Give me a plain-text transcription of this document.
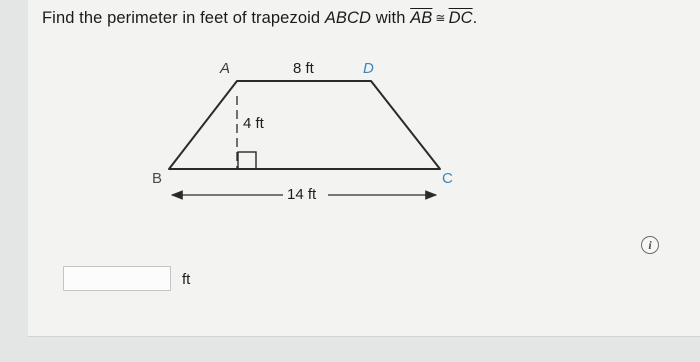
Find the perimeter in feet of trapezoid ABCD with $\overline{AB}$ ≅ $\overline{DC}$.
A	D
B	C
8 ft
4 ft
14 ft
i
ft
